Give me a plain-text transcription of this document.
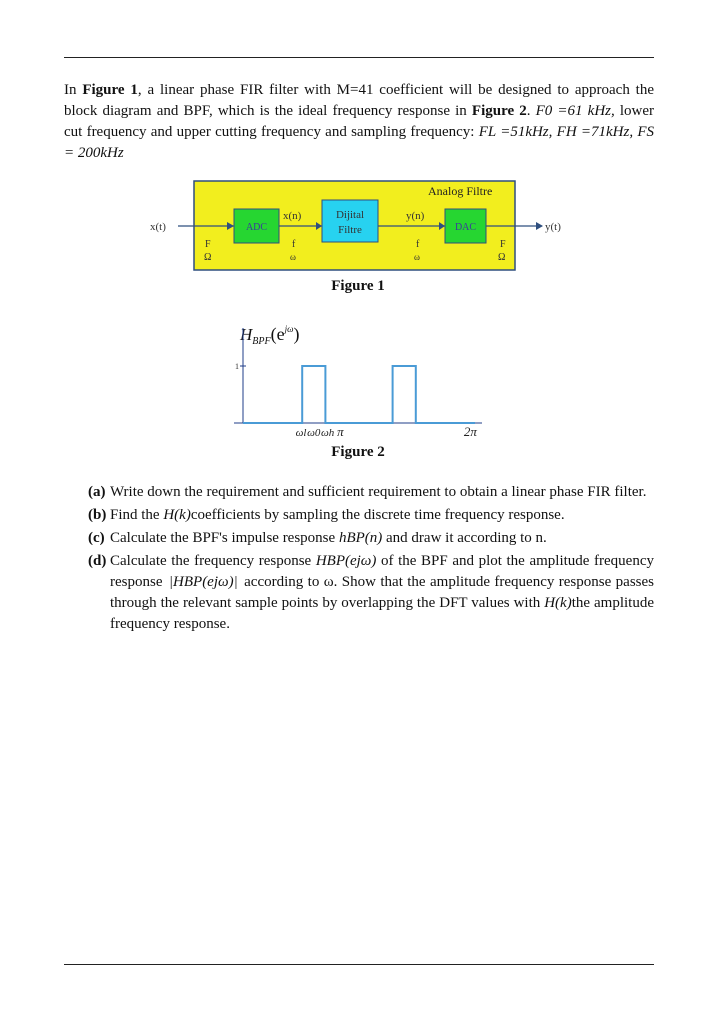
In Figure 1, a linear phase FIR filter with M=41 coefficient will be designed to approach the block diagram and BPF, which is the ideal frequency response in Figure 2. F0 =61 kHz, lower cut frequency and upper cutting frequency and sampling frequency: FL =51kHz, FH =71kHz, FS = 200kHz
Analog Filtre
x(t)	y(t)
ADC
Dijital
Filtre	DAC
x(n)	y(n)
F
Ω
f
ω
f
ω
F
Ω
Figure 1
$H_{BPF}(e^{j\omega})$
1
ωl ω0 ωh π	2π
Figure 2
(a) Write down the requirement and sufficient requirement to obtain a linear phase FIR filter.
(b) Find the H(k)coefficients by sampling the discrete time frequency response.
(c) Calculate the BPF's impulse response hBP(n) and draw it according to n.
(d) Calculate the frequency response HBP(ejω) of the BPF and plot the amplitude frequency response |HBP(ejω)| according to ω. Show that the amplitude frequency response passes through the relevant sample points by overlapping the DFT values with H(k)the amplitude frequency response.
